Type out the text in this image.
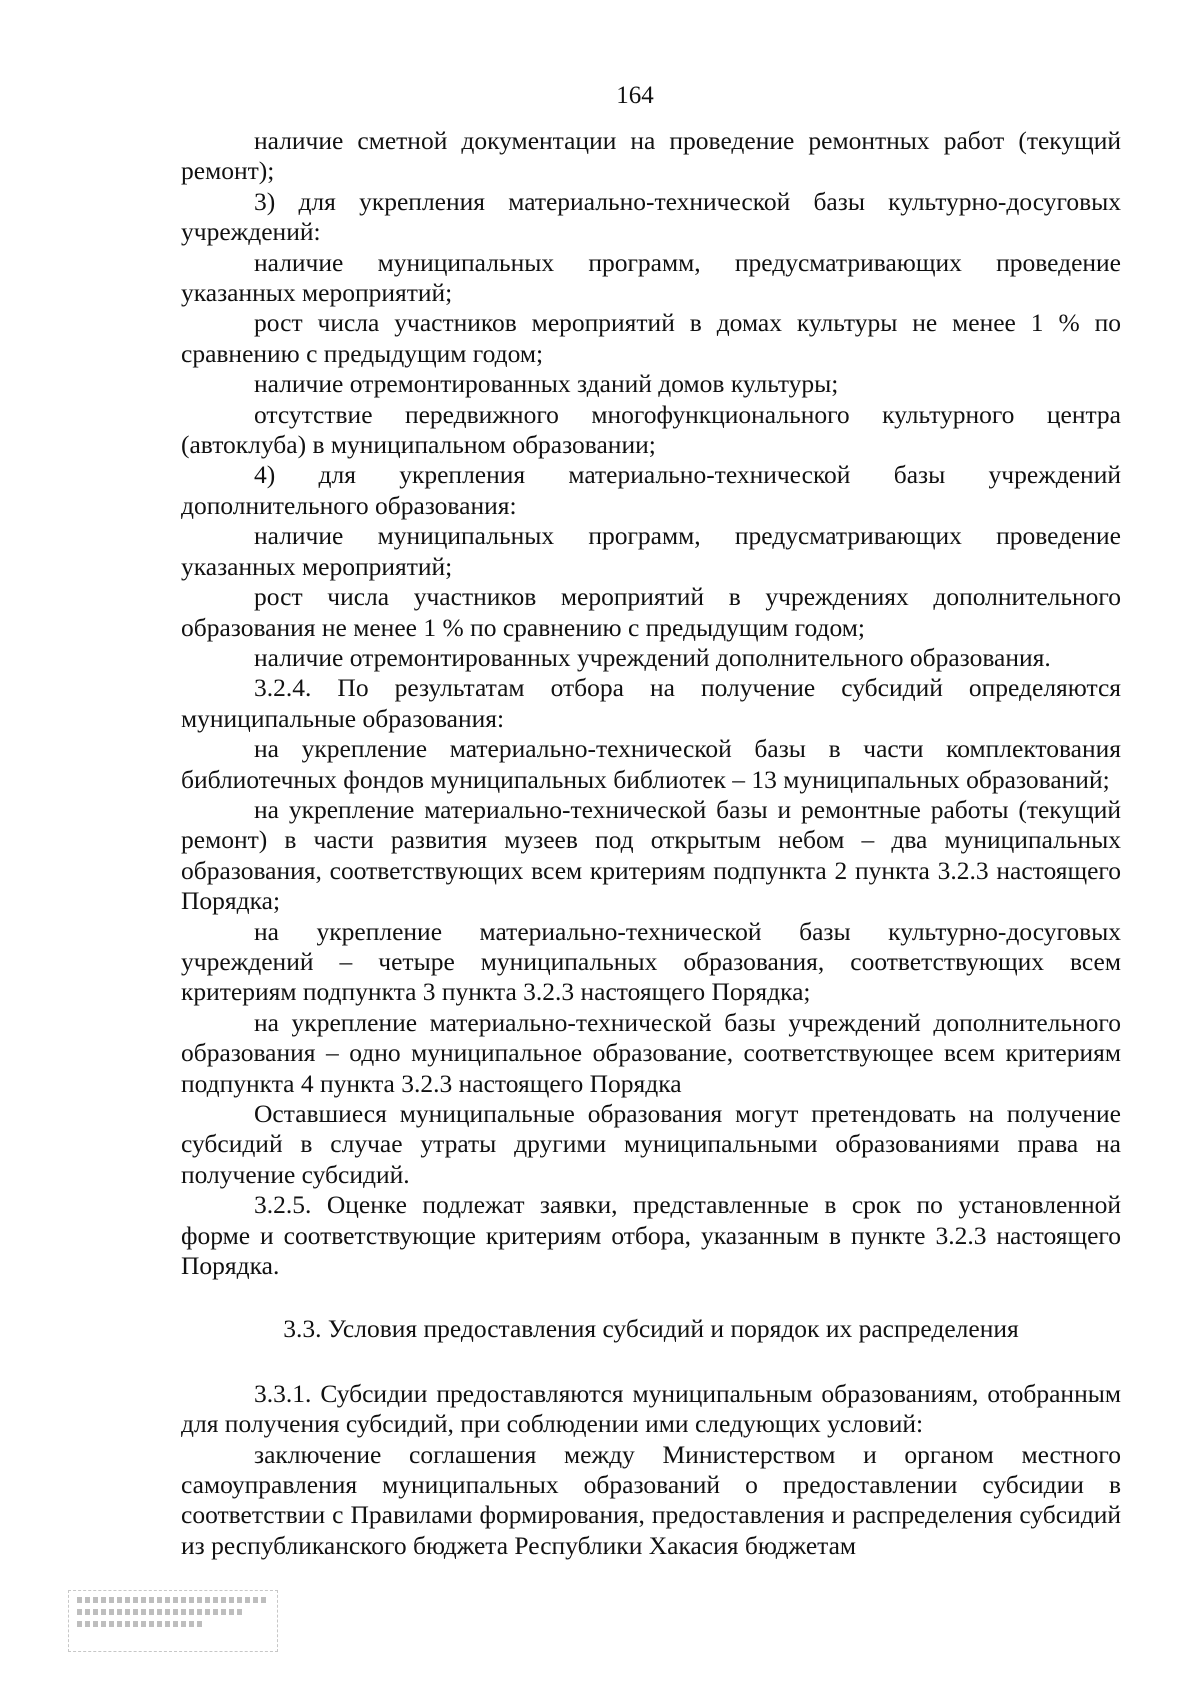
164

наличие сметной документации на проведение ремонтных работ (текущий ремонт);

3) для укрепления материально-технической базы культурно-досуговых учреждений:

наличие муниципальных программ, предусматривающих проведение указанных мероприятий;

рост числа участников мероприятий в домах культуры не менее 1 % по сравнению с предыдущим годом;

наличие отремонтированных зданий домов культуры;

отсутствие передвижного многофункционального культурного центра (автоклуба) в муниципальном образовании;

4) для укрепления материально-технической базы учреждений дополнительного образования:

наличие муниципальных программ, предусматривающих проведение указанных мероприятий;

рост числа участников мероприятий в учреждениях дополнительного образования не менее 1 % по сравнению с предыдущим годом;

наличие отремонтированных учреждений дополнительного образования.

3.2.4. По результатам отбора на получение субсидий определяются муниципальные образования:

на укрепление материально-технической базы в части комплектования библиотечных фондов муниципальных библиотек – 13 муниципальных образований;

на укрепление материально-технической базы и ремонтные работы (текущий ремонт) в части развития музеев под открытым небом – два муниципальных образования, соответствующих всем критериям подпункта 2 пункта 3.2.3 настоящего Порядка;

на укрепление материально-технической базы культурно-досуговых учреждений – четыре муниципальных образования, соответствующих всем критериям подпункта 3 пункта 3.2.3 настоящего Порядка;

на укрепление материально-технической базы учреждений дополнительного образования – одно муниципальное образование, соответствующее всем критериям подпункта 4 пункта 3.2.3 настоящего Порядка

Оставшиеся муниципальные образования могут претендовать на получение субсидий в случае утраты другими муниципальными образованиями права на получение субсидий.

3.2.5. Оценке подлежат заявки, представленные в срок по установленной форме и соответствующие критериям отбора, указанным в пункте 3.2.3 настоящего Порядка.

3.3. Условия предоставления субсидий и порядок их распределения

3.3.1. Субсидии предоставляются муниципальным образованиям, отобранным для получения субсидий, при соблюдении ими следующих условий:

заключение соглашения между Министерством и органом местного самоуправления муниципальных образований о предоставлении субсидии в соответствии с Правилами формирования, предоставления и распределения субсидий из республиканского бюджета Республики Хакасия бюджетам
